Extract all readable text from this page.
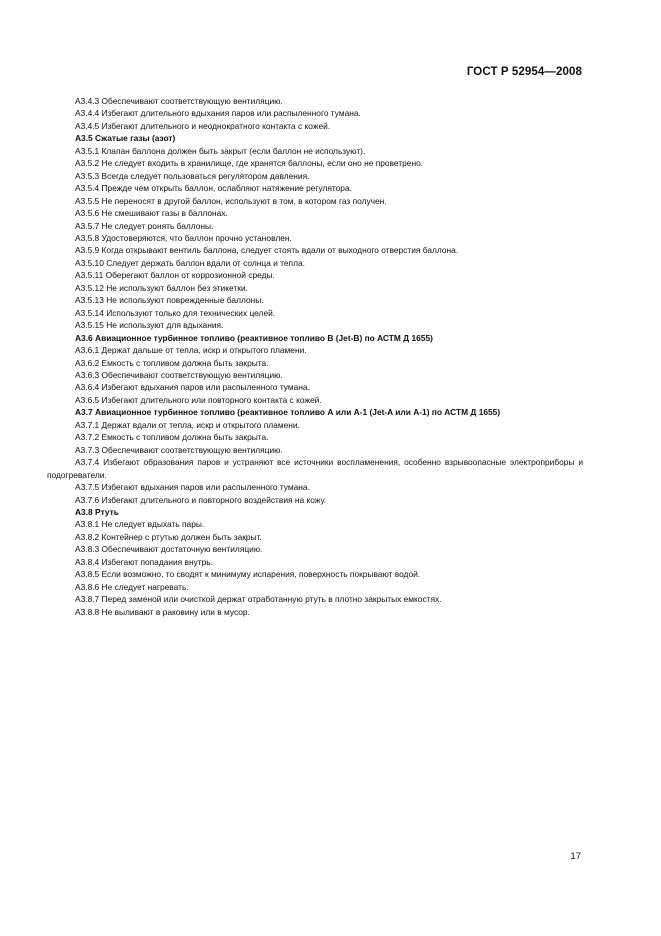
ГОСТ Р 52954—2008
А3.4.3 Обеспечивают соответствующую вентиляцию.
А3.4.4 Избегают длительного вдыхания паров или распыленного тумана.
А3.4.5 Избегают длительного и неоднократного контакта с кожей.
А3.5 Сжатые газы (азот)
А3.5.1 Клапан баллона должен быть закрыт (если баллон не используют).
А3.5.2 Не следует входить в хранилище, где хранятся баллоны, если оно не проветрено.
А3.5.3 Всегда следует пользоваться регулятором давления.
А3.5.4 Прежде чем открыть баллон, ослабляют натяжение регулятора.
А3.5.5 Не переносят в другой баллон, используют в том, в котором газ получен.
А3.5.6 Не смешивают газы в баллонах.
А3.5.7 Не следует ронять баллоны.
А3.5.8 Удостоверяются, что баллон прочно установлен.
А3.5.9 Когда открывают вентиль баллона, следует стоять вдали от выходного отверстия баллона.
А3.5.10 Следует держать баллон вдали от солнца и тепла.
А3.5.11 Оберегают баллон от коррозионной среды.
А3.5.12 Не используют баллон без этикетки.
А3.5.13 Не используют поврежденные баллоны.
А3.5.14 Используют только для технических целей.
А3.5.15 Не используют для вдыхания.
А3.6 Авиационное турбинное топливо (реактивное топливо В (Jet-B) по АСТМ Д 1655)
А3.6.1 Держат дальше от тепла, искр и открытого пламени.
А3.6.2 Емкость с топливом должна быть закрыта.
А3.6.3 Обеспечивают соответствующую вентиляцию.
А3.6.4 Избегают вдыхания паров или распыленного тумана.
А3.6.5 Избегают длительного или повторного контакта с кожей.
А3.7 Авиационное турбинное топливо (реактивное топливо А или А-1 (Jet-A или А-1) по АСТМ Д 1655)
А3.7.1 Держат вдали от тепла, искр и открытого пламени.
А3.7.2 Емкость с топливом должна быть закрыта.
А3.7.3 Обеспечивают соответствующую вентиляцию.
А3.7.4 Избегают образования паров и устраняют все источники воспламенения, особенно взрывоопасные электроприборы и подогреватели.
А3.7.5 Избегают вдыхания паров или распыленного тумана.
А3.7.6 Избегают длительного и повторного воздействия на кожу.
А3.8 Ртуть
А3.8.1 Не следует вдыхать пары.
А3.8.2 Контейнер с ртутью должен быть закрыт.
А3.8.3 Обеспечивают достаточную вентиляцию.
А3.8.4 Избегают попадания внутрь.
А3.8.5 Если возможно, то сводят к минимуму испарения, поверхность покрывают водой.
А3.8.6 Не следует нагревать.
А3.8.7 Перед заменой или очисткой держат отработанную ртуть в плотно закрытых емкостях.
А3.8.8 Не выливают в раковину или в мусор.
17
